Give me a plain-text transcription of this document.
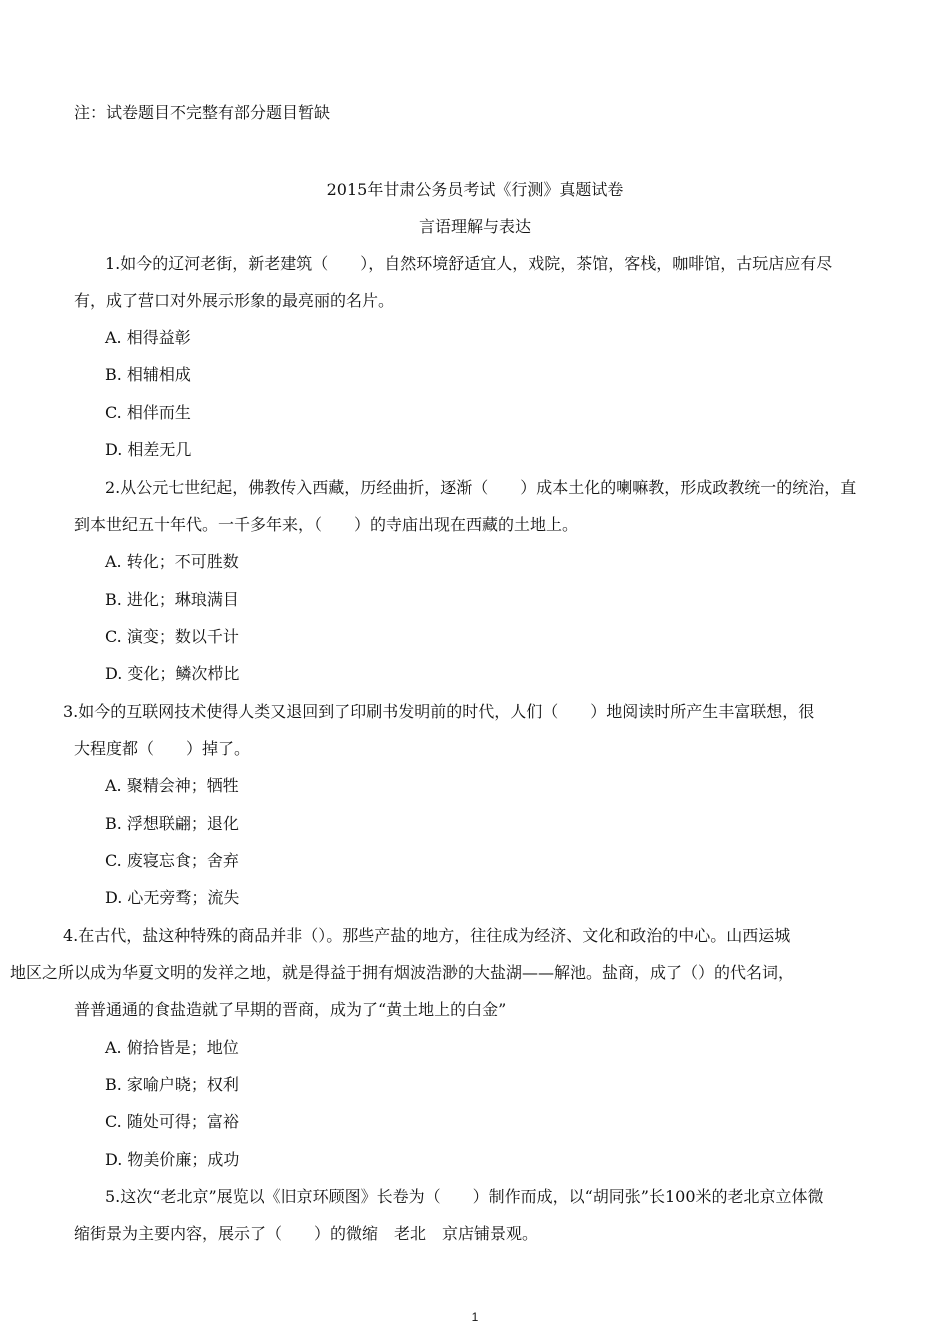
注：试卷题目不完整有部分题目暂缺
2015年甘肃公务员考试《行测》真题试卷
言语理解与表达
1.如今的辽河老街，新老建筑（　　），自然环境舒适宜人，戏院，茶馆，客栈，咖啡馆，古玩店应有尽
有，成了营口对外展示形象的最亮丽的名片。
A. 相得益彰
B. 相辅相成
C. 相伴而生
D. 相差无几
2.从公元七世纪起，佛教传入西藏，历经曲折，逐渐（　　）成本土化的喇嘛教，形成政教统一的统治，直
到本世纪五十年代。一千多年来，（　　）的寺庙出现在西藏的土地上。
A. 转化；不可胜数
B. 进化；琳琅满目
C. 演变；数以千计
D. 变化；鳞次栉比
3.如今的互联网技术使得人类又退回到了印刷书发明前的时代，人们（　　）地阅读时所产生丰富联想，很
大程度都（　　）掉了。
A. 聚精会神；牺牲
B. 浮想联翩；退化
C. 废寝忘食；舍弃
D. 心无旁骛；流失
4.在古代，盐这种特殊的商品并非（）。那些产盐的地方，往往成为经济、文化和政治的中心。山西运城
地区之所以成为华夏文明的发祥之地，就是得益于拥有烟波浩渺的大盐湖——解池。盐商，成了（）的代名词，
普普通通的食盐造就了早期的晋商，成为了“黄土地上的白金”
A. 俯拾皆是；地位
B. 家喻户晓；权利
C. 随处可得；富裕
D. 物美价廉；成功
5.这次“老北京”展览以《旧京环顾图》长卷为（　　）制作而成，以“胡同张”长100米的老北京立体微
缩街景为主要内容，展示了（　　）的微缩　老北　京店铺景观。
1
